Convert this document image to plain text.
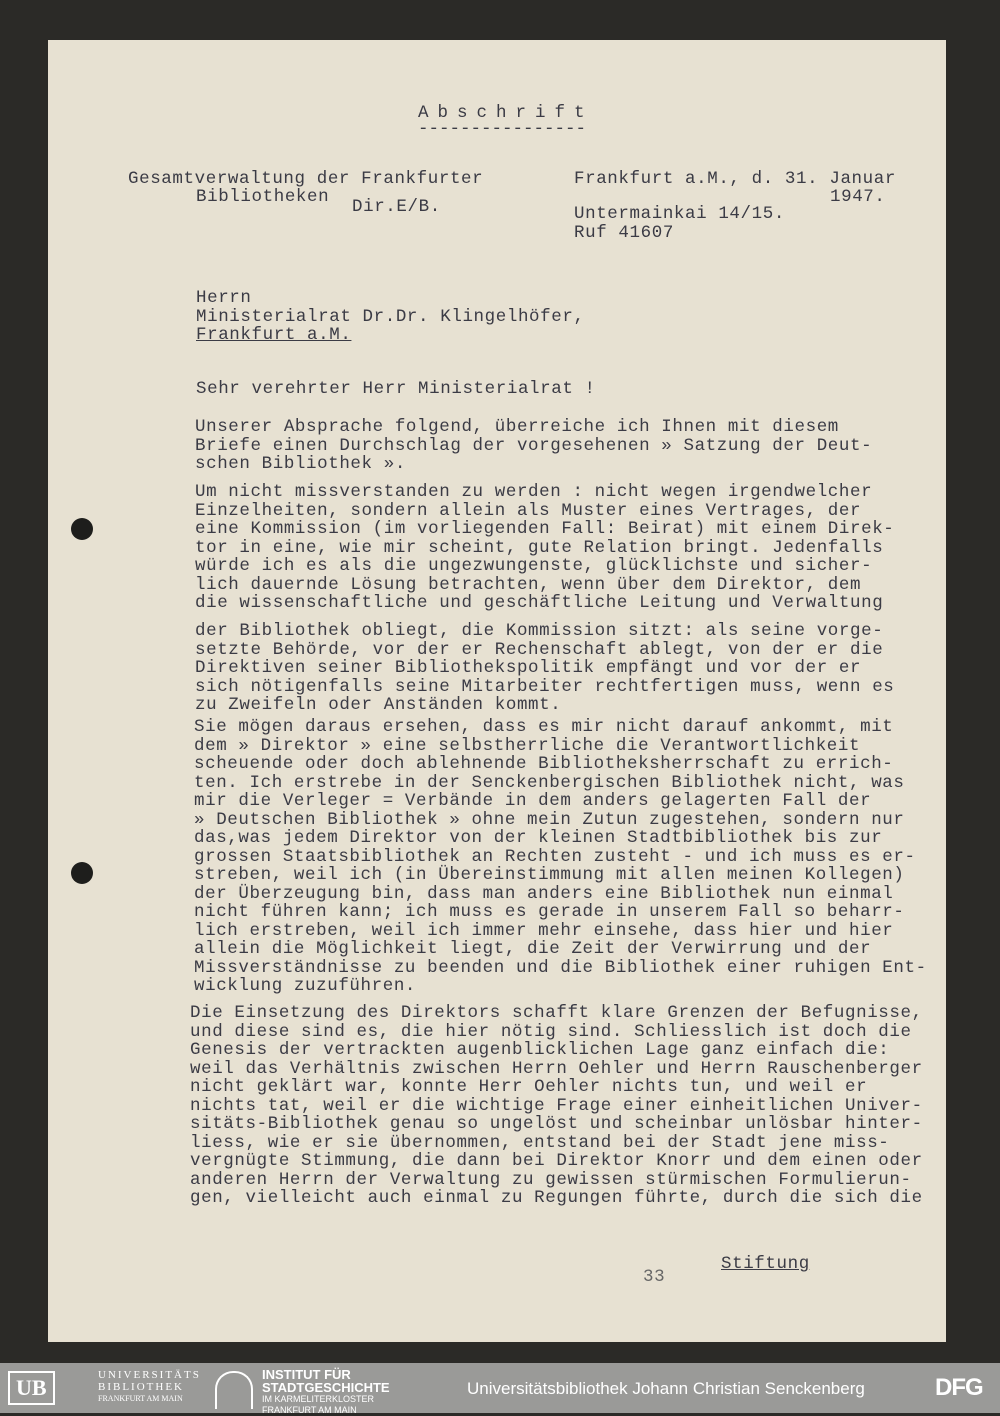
Abschrift
----------------
Gesamtverwaltung der Frankfurter
Bibliotheken Dir.E/B.
Frankfurt a.M., d. 31. Januar
1947.
Untermainkai 14/15.
Ruf 41607
Herrn
Ministerialrat Dr.Dr. Klingelhöfer,
Frankfurt a.M.
Sehr verehrter Herr Ministerialrat !
Unserer Absprache folgend, überreiche ich Ihnen mit diesem
Briefe einen Durchschlag der vorgesehenen » Satzung der Deut-
schen Bibliothek ».
Um nicht missverstanden zu werden : nicht wegen irgendwelcher
Einzelheiten, sondern allein als Muster eines Vertrages, der
eine Kommission (im vorliegenden Fall: Beirat) mit einem Direk-
tor in eine, wie mir scheint, gute Relation bringt. Jedenfalls
würde ich es als die ungezwungenste, glücklichste und sicher-
lich dauernde Lösung betrachten, wenn über dem Direktor, dem
die wissenschaftliche und geschäftliche Leitung und Verwaltung
der Bibliothek obliegt, die Kommission sitzt: als seine vorge-
setzte Behörde, vor der er Rechenschaft ablegt, von der er die
Direktiven seiner Bibliothekspolitik empfängt und vor der er
sich nötigenfalls seine Mitarbeiter rechtfertigen muss, wenn es
zu Zweifeln oder Anständen kommt.
Sie mögen daraus ersehen, dass es mir nicht darauf ankommt, mit
dem » Direktor » eine selbstherrliche die Verantwortlichkeit
scheuende oder doch ablehnende Bibliotheksherrschaft zu errich-
ten. Ich erstrebe in der Senckenbergischen Bibliothek nicht, was
mir die Verleger = Verbände in dem anders gelagerten Fall der
» Deutschen Bibliothek » ohne mein Zutun zugestehen, sondern nur
das,was jedem Direktor von der kleinen Stadtbibliothek bis zur
grossen Staatsbibliothek an Rechten zusteht - und ich muss es er-
streben, weil ich (in Übereinstimmung mit allen meinen Kollegen)
der Überzeugung bin, dass man anders eine Bibliothek nun einmal
nicht führen kann; ich muss es gerade in unserem Fall so beharr-
lich erstreben, weil ich immer mehr einsehe, dass hier und hier
allein die Möglichkeit liegt, die Zeit der Verwirrung und der
Missverständnisse zu beenden und die Bibliothek einer ruhigen Ent-
wicklung zuzuführen.
Die Einsetzung des Direktors schafft klare Grenzen der Befugnisse,
und diese sind es, die hier nötig sind. Schliesslich ist doch die
Genesis der vertrackten augenblicklichen Lage ganz einfach die:
weil das Verhältnis zwischen Herrn Oehler und Herrn Rauschenberger
nicht geklärt war, konnte Herr Oehler nichts tun, und weil er
nichts tat, weil er die wichtige Frage einer einheitlichen Univer-
sitäts-Bibliothek genau so ungelöst und scheinbar unlösbar hinter-
liess, wie er sie übernommen, entstand bei der Stadt jene miss-
vergnügte Stimmung, die dann bei Direktor Knorr und dem einen oder
anderen Herrn der Verwaltung zu gewissen stürmischen Formulierun-
gen, vielleicht auch einmal zu Regungen führte, durch die sich die
33
Stiftung
UB	UNIVERSITÄTS
BIBLIOTHEK
FRANKFURT AM MAIN
INSTITUT FÜR
STADTGESCHICHTE
IM KARMELITERKLOSTER
FRANKFURT AM MAIN
Universitätsbibliothek Johann Christian Senckenberg	DFG
